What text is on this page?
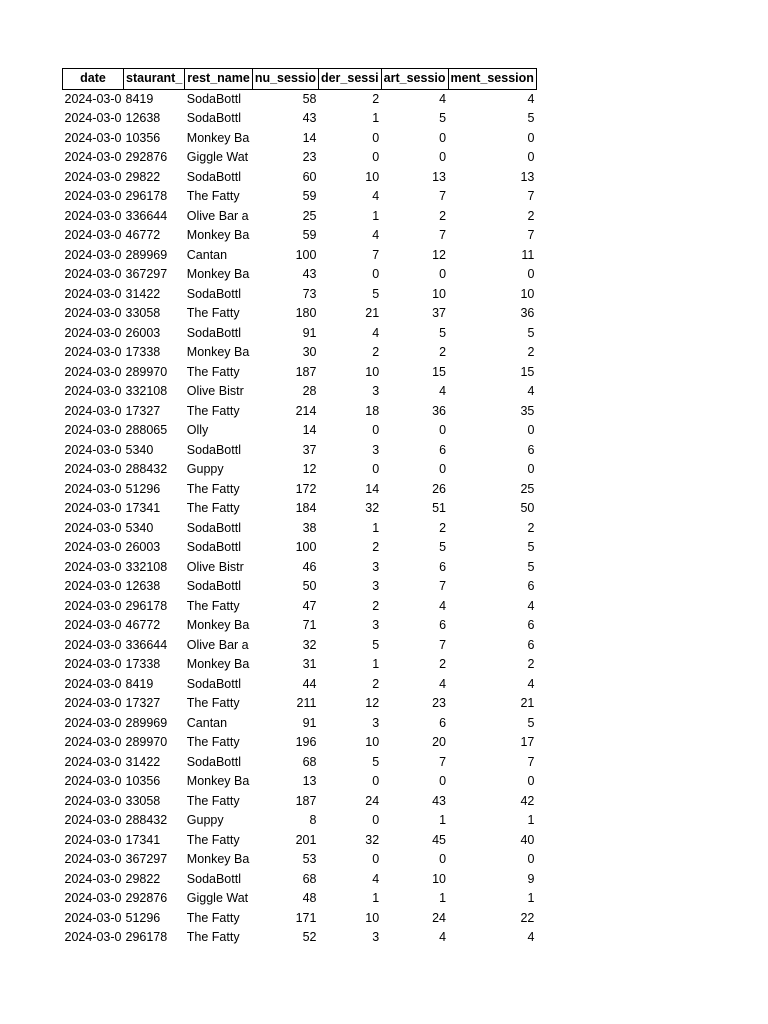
date	staurant_	rest_name	nu_sessio	der_sessi	art_sessio	ment_session
2024-03-0	8419	SodaBottl	58	2	4	4
2024-03-0	12638	SodaBottl	43	1	5	5
2024-03-0	10356	Monkey Ba	14	0	0	0
2024-03-0	292876	Giggle Wat	23	0	0	0
2024-03-0	29822	SodaBottl	60	10	13	13
2024-03-0	296178	The Fatty	59	4	7	7
2024-03-0	336644	Olive Bar a	25	1	2	2
2024-03-0	46772	Monkey Ba	59	4	7	7
2024-03-0	289969	Cantan	100	7	12	11
2024-03-0	367297	Monkey Ba	43	0	0	0
2024-03-0	31422	SodaBottl	73	5	10	10
2024-03-0	33058	The Fatty	180	21	37	36
2024-03-0	26003	SodaBottl	91	4	5	5
2024-03-0	17338	Monkey Ba	30	2	2	2
2024-03-0	289970	The Fatty	187	10	15	15
2024-03-0	332108	Olive Bistr	28	3	4	4
2024-03-0	17327	The Fatty	214	18	36	35
2024-03-0	288065	Olly	14	0	0	0
2024-03-0	5340	SodaBottl	37	3	6	6
2024-03-0	288432	Guppy	12	0	0	0
2024-03-0	51296	The Fatty	172	14	26	25
2024-03-0	17341	The Fatty	184	32	51	50
2024-03-0	5340	SodaBottl	38	1	2	2
2024-03-0	26003	SodaBottl	100	2	5	5
2024-03-0	332108	Olive Bistr	46	3	6	5
2024-03-0	12638	SodaBottl	50	3	7	6
2024-03-0	296178	The Fatty	47	2	4	4
2024-03-0	46772	Monkey Ba	71	3	6	6
2024-03-0	336644	Olive Bar a	32	5	7	6
2024-03-0	17338	Monkey Ba	31	1	2	2
2024-03-0	8419	SodaBottl	44	2	4	4
2024-03-0	17327	The Fatty	211	12	23	21
2024-03-0	289969	Cantan	91	3	6	5
2024-03-0	289970	The Fatty	196	10	20	17
2024-03-0	31422	SodaBottl	68	5	7	7
2024-03-0	10356	Monkey Ba	13	0	0	0
2024-03-0	33058	The Fatty	187	24	43	42
2024-03-0	288432	Guppy	8	0	1	1
2024-03-0	17341	The Fatty	201	32	45	40
2024-03-0	367297	Monkey Ba	53	0	0	0
2024-03-0	29822	SodaBottl	68	4	10	9
2024-03-0	292876	Giggle Wat	48	1	1	1
2024-03-0	51296	The Fatty	171	10	24	22
2024-03-0	296178	The Fatty	52	3	4	4
